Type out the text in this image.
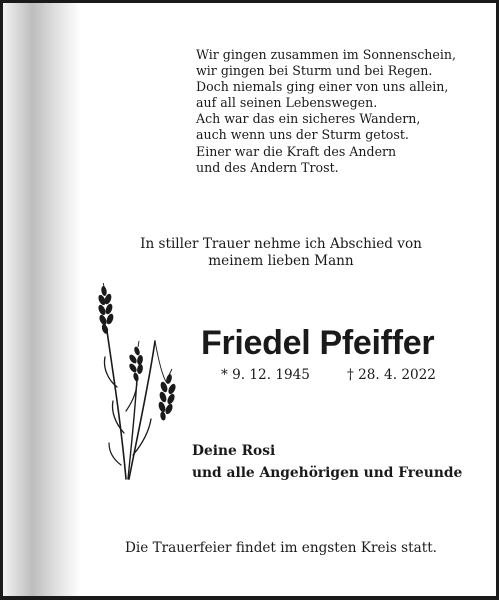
Wir gingen zusammen im Sonnenschein,
wir gingen bei Sturm und bei Regen.
Doch niemals ging einer von uns allein,
auf all seinen Lebenswegen.
Ach war das ein sicheres Wandern,
auch wenn uns der Sturm getost.
Einer war die Kraft des Andern
und des Andern Trost.
In stiller Trauer nehme ich Abschied von
meinem lieben Mann
Friedel Pfeiffer
* 9. 12. 1945	† 28. 4. 2022
Deine Rosi
und alle Angehörigen und Freunde
Die Trauerfeier findet im engsten Kreis statt.
